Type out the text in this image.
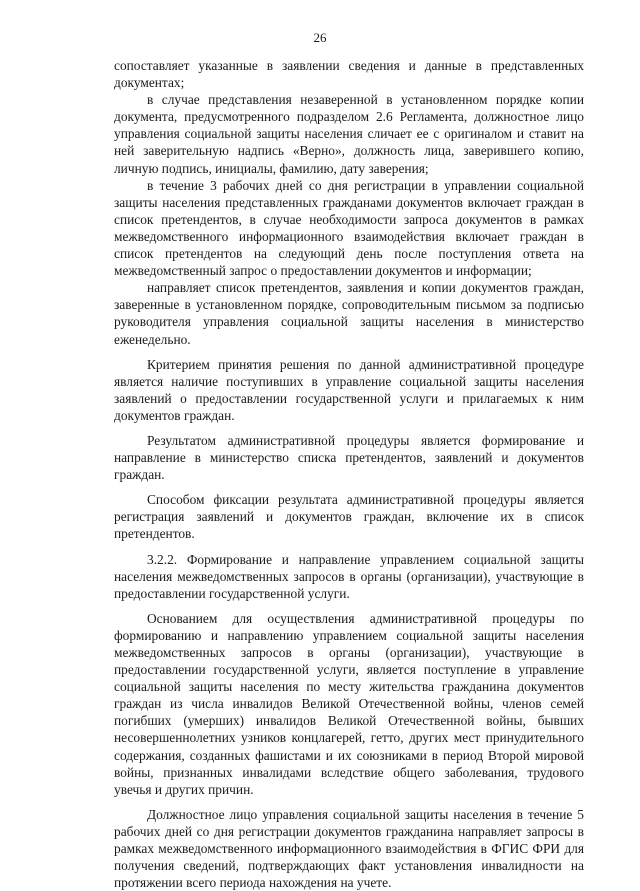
26

сопоставляет указанные в заявлении сведения и данные в представленных документах;

в случае представления незаверенной в установленном порядке копии документа, предусмотренного подразделом 2.6 Регламента, должностное лицо управления социальной защиты населения сличает ее с оригиналом и ставит на ней заверительную надпись «Верно», должность лица, заверившего копию, личную подпись, инициалы, фамилию, дату заверения;

в течение 3 рабочих дней со дня регистрации в управлении социальной защиты населения представленных гражданами документов включает граждан в список претендентов, в случае необходимости запроса документов в рамках межведомственного информационного взаимодействия включает граждан в список претендентов на следующий день после поступления ответа на межведомственный запрос о предоставлении документов и информации;

направляет список претендентов, заявления и копии документов граждан, заверенные в установленном порядке, сопроводительным письмом за подписью руководителя управления социальной защиты населения в министерство еженедельно.

Критерием принятия решения по данной административной процедуре является наличие поступивших в управление социальной защиты населения заявлений о предоставлении государственной услуги и прилагаемых к ним документов граждан.

Результатом административной процедуры является формирование и направление в министерство списка претендентов, заявлений и документов граждан.

Способом фиксации результата административной процедуры является регистрация заявлений и документов граждан, включение их в список претендентов.

3.2.2. Формирование и направление управлением социальной защиты населения межведомственных запросов в органы (организации), участвующие в предоставлении государственной услуги.

Основанием для осуществления административной процедуры по формированию и направлению управлением социальной защиты населения межведомственных запросов в органы (организации), участвующие в предоставлении государственной услуги, является поступление в управление социальной защиты населения по месту жительства гражданина документов граждан из числа инвалидов Великой Отечественной войны, членов семей погибших (умерших) инвалидов Великой Отечественной войны, бывших несовершеннолетних узников концлагерей, гетто, других мест принудительного содержания, созданных фашистами и их союзниками в период Второй мировой войны, признанных инвалидами вследствие общего заболевания, трудового увечья и других причин.

Должностное лицо управления социальной защиты населения в течение 5 рабочих дней со дня регистрации документов гражданина направляет запросы в рамках межведомственного информационного взаимодействия в ФГИС ФРИ для получения сведений, подтверждающих факт установления инвалидности на протяжении всего периода нахождения на учете.
